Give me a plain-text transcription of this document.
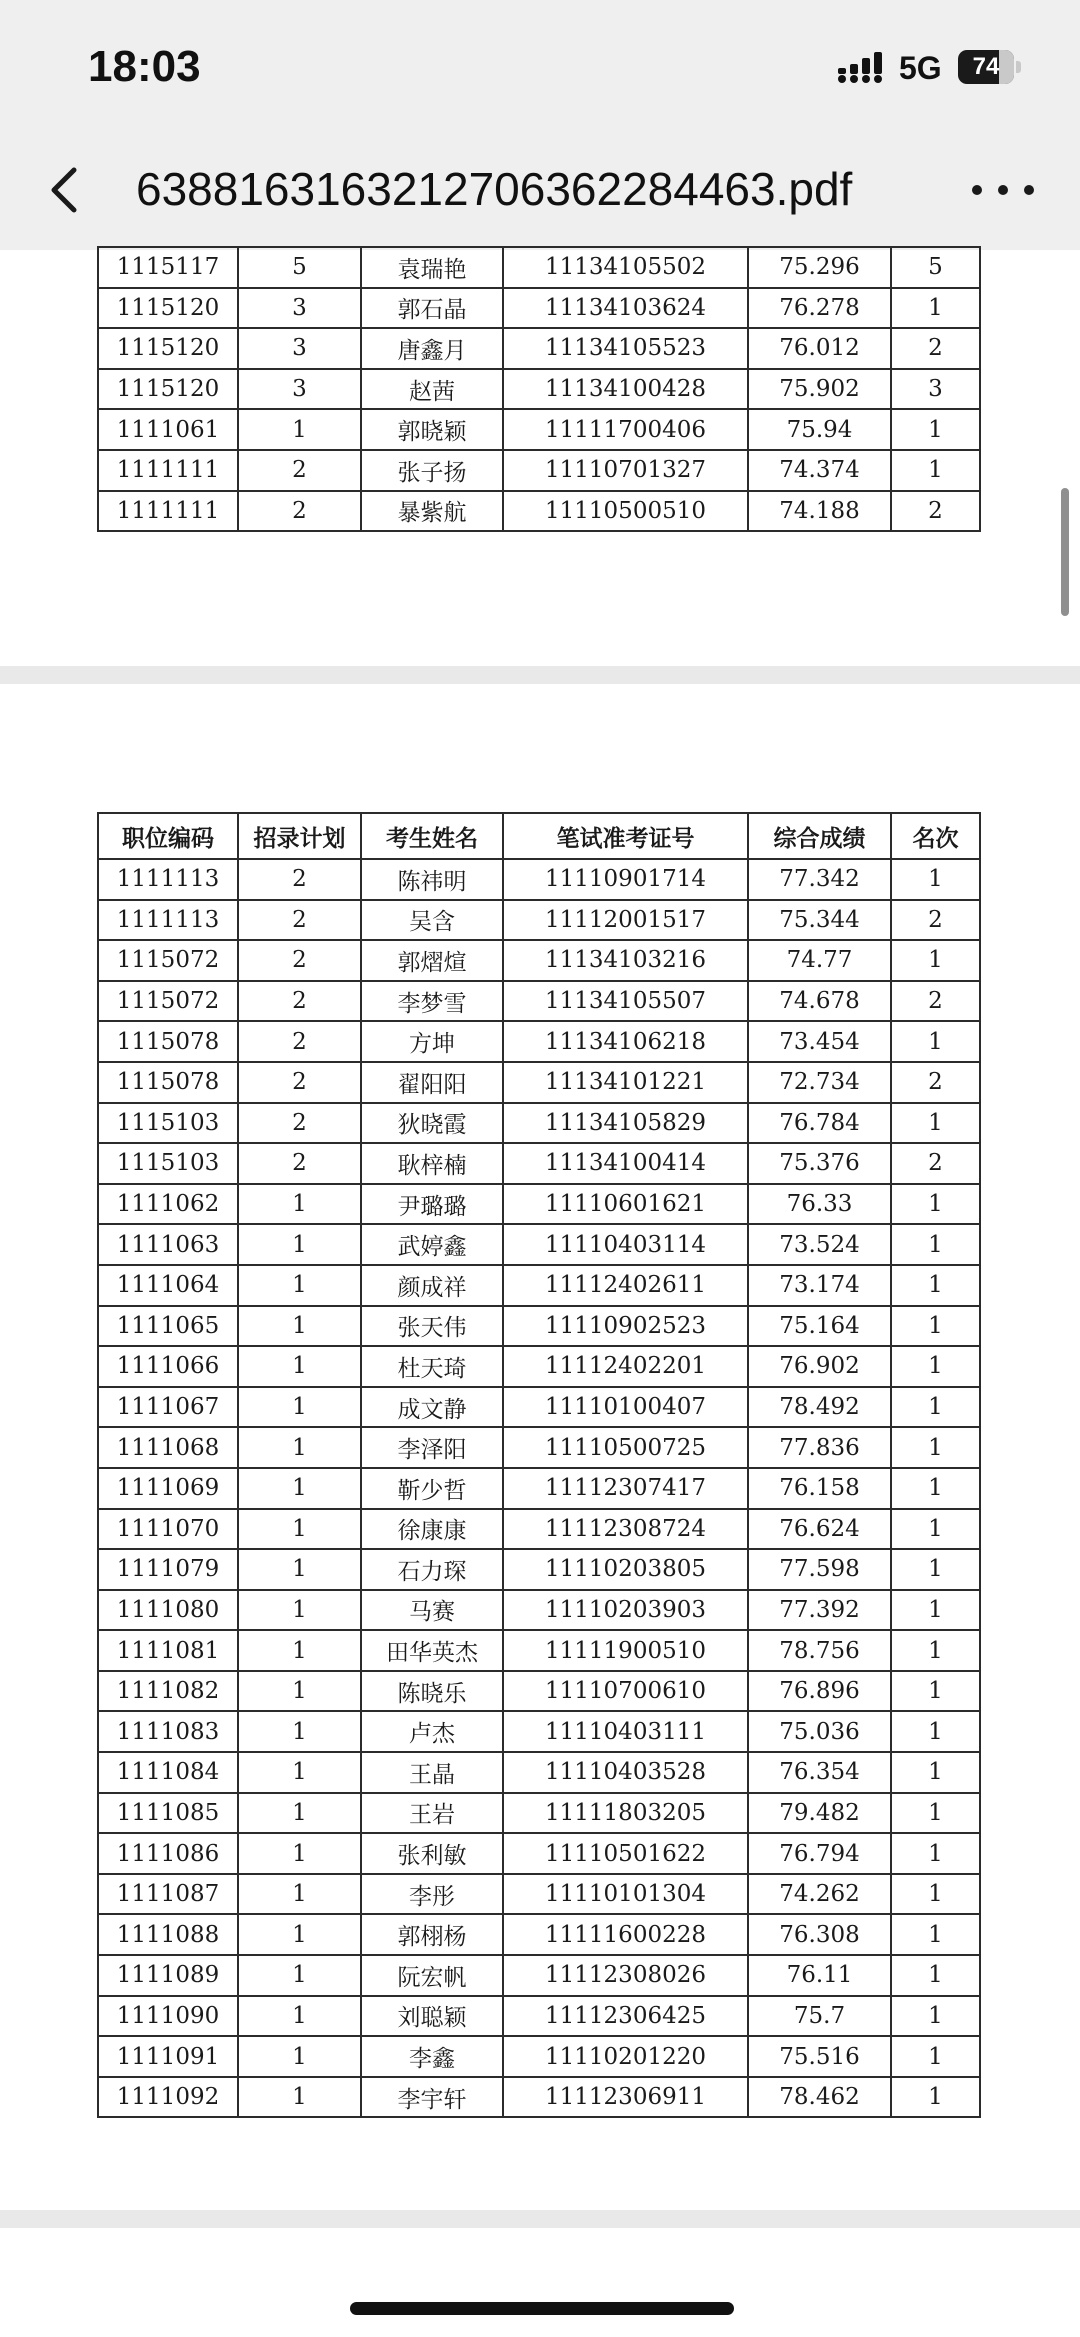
18:03	5G	74
638816316321270636228446​3.pdf
1115117	5	袁瑞艳	11134105502	75.296	5
1115120	3	郭石晶	11134103624	76.278	1
1115120	3	唐鑫月	11134105523	76.012	2
1115120	3	赵茜	11134100428	75.902	3
1111061	1	郭晓颖	11111700406	75.94	1
1111111	2	张子扬	11110701327	74.374	1
1111111	2	暴紫航	11110500510	74.188	2
职位编码	招录计划	考生姓名	笔试准考证号	综合成绩	名次
1111113	2	陈祎明	11110901714	77.342	1
1111113	2	吴含	11112001517	75.344	2
1115072	2	郭熠煊	11134103216	74.77	1
1115072	2	李梦雪	11134105507	74.678	2
1115078	2	方坤	11134106218	73.454	1
1115078	2	翟阳阳	11134101221	72.734	2
1115103	2	狄晓霞	11134105829	76.784	1
1115103	2	耿梓楠	11134100414	75.376	2
1111062	1	尹璐璐	11110601621	76.33	1
1111063	1	武婷鑫	11110403114	73.524	1
1111064	1	颜成祥	11112402611	73.174	1
1111065	1	张天伟	11110902523	75.164	1
1111066	1	杜天琦	11112402201	76.902	1
1111067	1	成文静	11110100407	78.492	1
1111068	1	李泽阳	11110500725	77.836	1
1111069	1	靳少哲	11112307417	76.158	1
1111070	1	徐康康	11112308724	76.624	1
1111079	1	石力琛	11110203805	77.598	1
1111080	1	马赛	11110203903	77.392	1
1111081	1	田华英杰	11111900510	78.756	1
1111082	1	陈晓乐	11110700610	76.896	1
1111083	1	卢杰	11110403111	75.036	1
1111084	1	王晶	11110403528	76.354	1
1111085	1	王岩	11111803205	79.482	1
1111086	1	张利敏	11110501622	76.794	1
1111087	1	李彤	11110101304	74.262	1
1111088	1	郭栩杨	11111600228	76.308	1
1111089	1	阮宏帆	11112308026	76.11	1
1111090	1	刘聪颖	11112306425	75.7	1
1111091	1	李鑫	11110201220	75.516	1
1111092	1	李宇轩	11112306911	78.462	1
